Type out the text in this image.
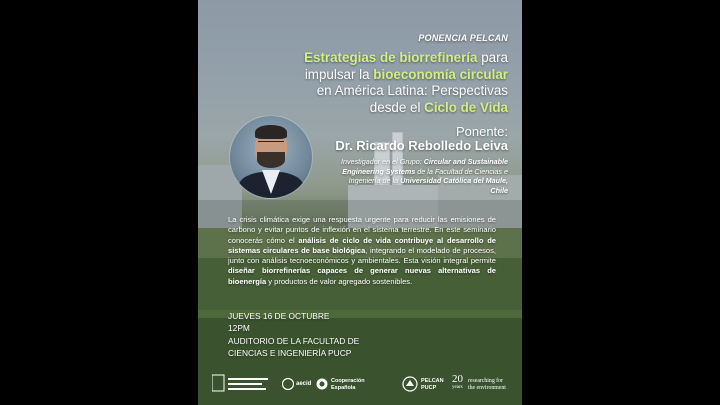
PONENCIA PELCAN
Estrategias de biorrefinería para
impulsar la bioeconomía circular
en América Latina: Perspectivas
desde el Ciclo de Vida
Ponente:
Dr. Ricardo Rebolledo Leiva
Investigador en el Grupo: Circular and Sustainable Engineering Systems de la Facultad de Ciencias e Ingeniería de la Universidad Católica del Maule, Chile
La crisis climática exige una respuesta urgente para reducir las emisiones de carbono y evitar puntos de inflexión en el sistema terrestre. En este seminario conocerás cómo el análisis de ciclo de vida contribuye al desarrollo de sistemas circulares de base biológica, integrando el modelado de procesos, junto con análisis tecnoeconómicos y ambientales. Esta visión integral permite diseñar biorrefinerías capaces de generar nuevas alternativas de bioenergía y productos de valor agregado sostenibles.
JUEVES 16 DE OCTUBRE
12PM
AUDITORIO DE LA FACULTAD DE
CIENCIAS E INGENIERÍA PUCP
aecid	Cooperación
Española
PELCAN
PUCP
20
years
researching for
the environment
